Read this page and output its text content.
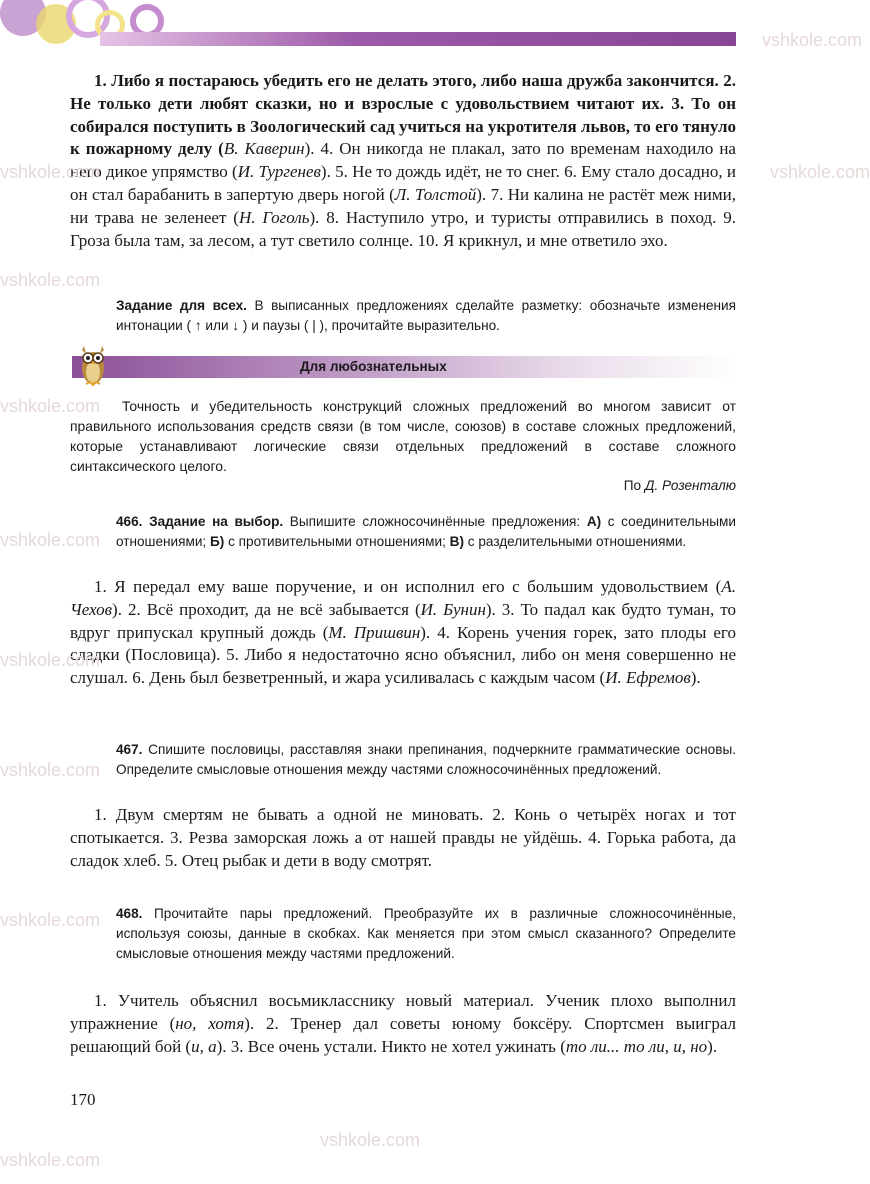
1. Либо я постараюсь убедить его не делать этого, либо наша дружба закончится. 2. Не только дети любят сказки, но и взрослые с удовольствием читают их. 3. То он собирался поступить в Зоологический сад учиться на укротителя львов, то его тянуло к пожарному делу (В. Каверин). 4. Он никогда не плакал, зато по временам находило на него дикое упрямство (И. Тургенев). 5. Не то дождь идёт, не то снег. 6. Ему стало досадно, и он стал барабанить в запертую дверь ногой (Л. Толстой). 7. Ни калина не растёт меж ними, ни трава не зеленеет (Н. Гоголь). 8. Наступило утро, и туристы отправились в поход. 9. Гроза была там, за лесом, а тут светило солнце. 10. Я крикнул, и мне ответило эхо.

Задание для всех. В выписанных предложениях сделайте разметку: обозначьте изменения интонации ( ↑ или ↓ ) и паузы ( | ), прочитайте выразительно.

Для любознательных

Точность и убедительность конструкций сложных предложений во многом зависит от правильного использования средств связи (в том числе, союзов) в составе сложных предложений, которые устанавливают логические связи отдельных предложений в составе сложного синтаксического целого.

По Д. Розенталю

466. Задание на выбор. Выпишите сложносочинённые предложения: А) с соединительными отношениями; Б) с противительными отношениями; В) с разделительными отношениями.

1. Я передал ему ваше поручение, и он исполнил его с большим удовольствием (А. Чехов). 2. Всё проходит, да не всё забывается (И. Бунин). 3. То падал как будто туман, то вдруг припускал крупный дождь (М. Пришвин). 4. Корень учения горек, зато плоды его сладки (Пословица). 5. Либо я недостаточно ясно объяснил, либо он меня совершенно не слушал. 6. День был безветренный, и жара усиливалась с каждым часом (И. Ефремов).

467. Спишите пословицы, расставляя знаки препинания, подчеркните грамматические основы. Определите смысловые отношения между частями сложносочинённых предложений.

1. Двум смертям не бывать а одной не миновать. 2. Конь о четырёх ногах и тот спотыкается. 3. Резва заморская ложь а от нашей правды не уйдёшь. 4. Горька работа, да сладок хлеб. 5. Отец рыбак и дети в воду смотрят.

468. Прочитайте пары предложений. Преобразуйте их в различные сложносочинённые, используя союзы, данные в скобках. Как меняется при этом смысл сказанного? Определите смысловые отношения между частями предложений.

1. Учитель объяснил восьмикласснику новый материал. Ученик плохо выполнил упражнение (но, хотя). 2. Тренер дал советы юному боксёру. Спортсмен выиграл решающий бой (и, а). 3. Все очень устали. Никто не хотел ужинать (то ли... то ли, и, но).

170
vshkole.com
vshkole.com	vshkole.com
vshkole.com
vshkole.com
vshkole.com
vshkole.com
vshkole.com
vshkole.com
vshkole.com
vshkole.com
